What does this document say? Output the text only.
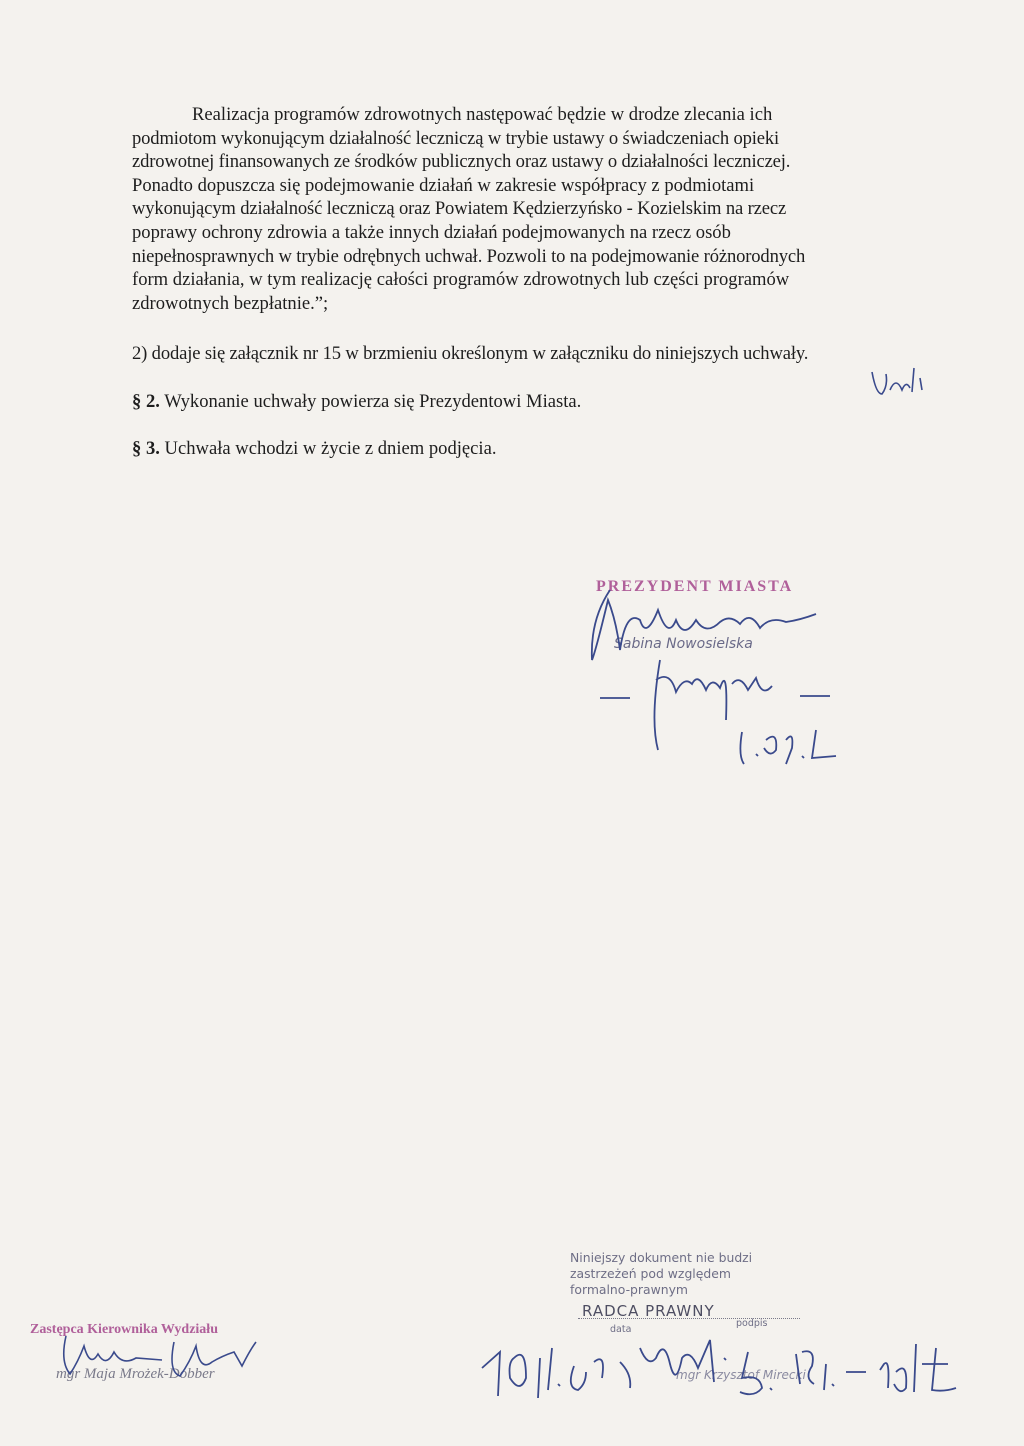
Realizacja programów zdrowotnych następować będzie w drodze zlecania ich
podmiotom wykonującym działalność leczniczą w trybie ustawy o świadczeniach opieki
zdrowotnej finansowanych ze środków publicznych oraz ustawy o działalności leczniczej.
Ponadto dopuszcza się podejmowanie działań w zakresie współpracy z podmiotami
wykonującym działalność leczniczą oraz Powiatem Kędzierzyńsko - Kozielskim na rzecz
poprawy ochrony zdrowia a także innych działań podejmowanych na rzecz osób
niepełnosprawnych w trybie odrębnych uchwał. Pozwoli to na podejmowanie różnorodnych
form działania, w tym realizację całości programów zdrowotnych lub części programów
zdrowotnych bezpłatnie.”;
2) dodaje się załącznik nr 15 w brzmieniu określonym w załączniku do niniejszych uchwały.
§ 2. Wykonanie uchwały powierza się Prezydentowi Miasta.
§ 3. Uchwała wchodzi w życie z dniem podjęcia.
PREZYDENT MIASTA
Sabina Nowosielska
Zastępca Kierownika Wydziału
mgr Maja Mrożek-Dobber
Niniejszy dokument nie budzi
zastrzeżeń pod względem
formalno-prawnym
RADCA PRAWNY
data
podpis
mgr Krzysztof Mirecki
